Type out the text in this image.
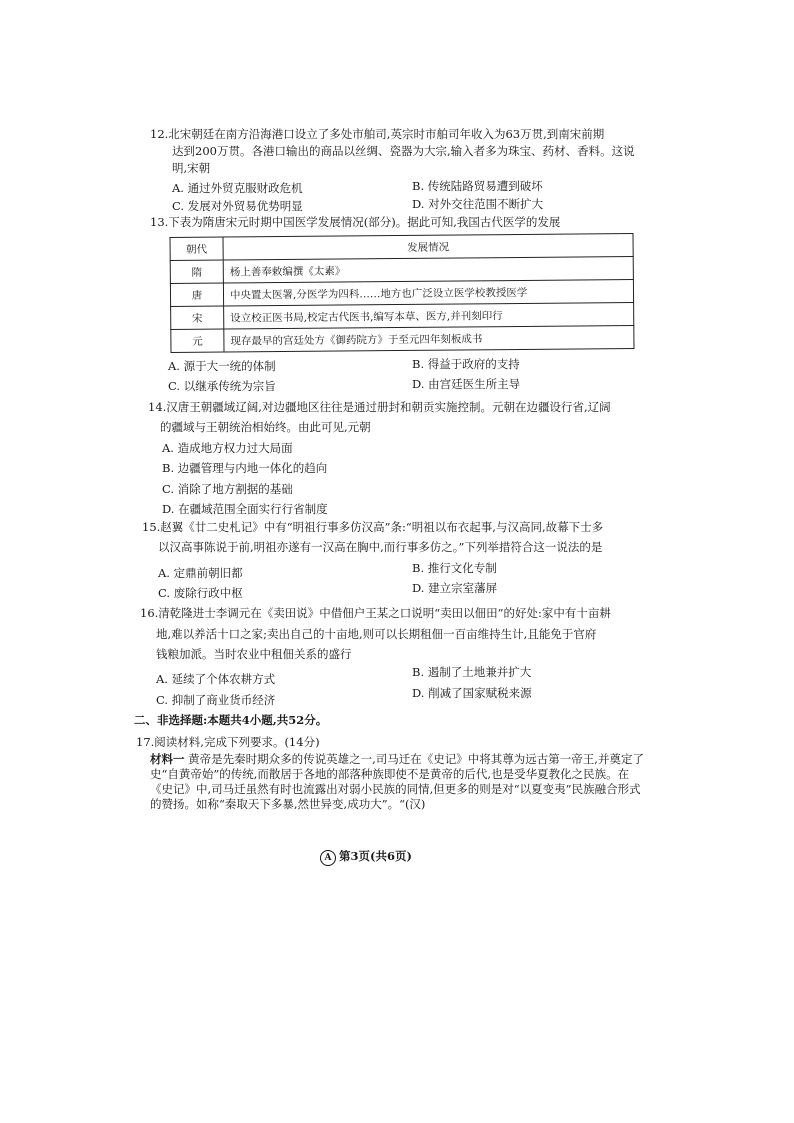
12.北宋朝廷在南方沿海港口设立了多处市舶司,英宗时市舶司年收入为63万贯,到南宋前期
达到200万贯。各港口输出的商品以丝绸、瓷器为大宗,输入者多为珠宝、药材、香料。这说
明,宋朝
A. 通过外贸克服财政危机	B. 传统陆路贸易遭到破坏
C. 发展对外贸易优势明显	D. 对外交往范围不断扩大
13.下表为隋唐宋元时期中国医学发展情况(部分)。据此可知,我国古代医学的发展
朝代	发展情况
隋	杨上善奉敕编撰《太素》
唐	中央置太医署,分医学为四科……地方也广泛设立医学校教授医学
宋	设立校正医书局,校定古代医书,编写本草、医方,并刊刻印行
元	现存最早的宫廷处方《御药院方》于至元四年刻板成书
A. 源于大一统的体制	B. 得益于政府的支持
C. 以继承传统为宗旨	D. 由宫廷医生所主导
14.汉唐王朝疆域辽阔,对边疆地区往往是通过册封和朝贡实施控制。元朝在边疆设行省,辽阔
的疆域与王朝统治相始终。由此可见,元朝
A. 造成地方权力过大局面
B. 边疆管理与内地一体化的趋向
C. 消除了地方割据的基础
D. 在疆域范围全面实行行省制度
15.赵翼《廿二史札记》中有“明祖行事多仿汉高”条:“明祖以布衣起事,与汉高同,故幕下士多
以汉高事陈说于前,明祖亦遂有一汉高在胸中,而行事多仿之。”下列举措符合这一说法的是
A. 定鼎前朝旧都	B. 推行文化专制
C. 废除行政中枢	D. 建立宗室藩屏
16.清乾隆进士李调元在《卖田说》中借佃户王某之口说明“卖田以佃田”的好处:家中有十亩耕
地,难以养活十口之家;卖出自己的十亩地,则可以长期租佃一百亩维持生计,且能免于官府
钱粮加派。当时农业中租佃关系的盛行
A. 延续了个体农耕方式	B. 遏制了土地兼并扩大
C. 抑制了商业货币经济	D. 削减了国家赋税来源
二、非选择题:本题共4小题,共52分。
17.阅读材料,完成下列要求。(14分)
材料一 黄帝是先秦时期众多的传说英雄之一,司马迁在《史记》中将其尊为远古第一帝王,并奠定了史“自黄帝始”的传统,而散居于各地的部落种族即使不是黄帝的后代,也是受华夏教化之民族。在《史记》中,司马迁虽然有时也流露出对弱小民族的同情,但更多的则是对“以夏变夷”民族融合形式的赞扬。如称“秦取天下多暴,然世异变,成功大”。“(汉)
A 第3页(共6页)
